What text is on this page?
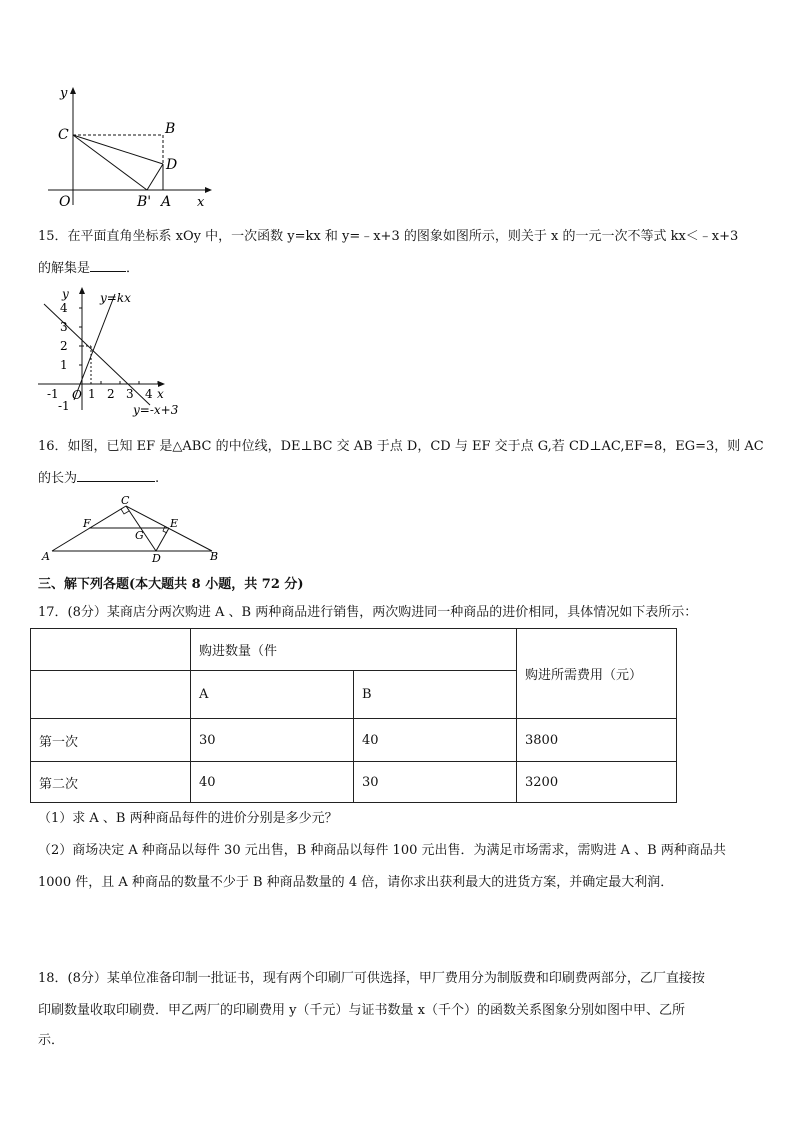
y
C	B
D
O	B' A x
15．在平面直角坐标系 xOy 中，一次函数 y=kx 和 y=﹣x+3 的图象如图所示，则关于 x 的一元一次不等式 kx＜﹣x+3
的解集是	．
y	y=kx
4
3
2
1
-1
-1 O 1 2 3 4 x
y=-x+3
16．如图，已知 EF 是△ABC 的中位线，DE⊥BC 交 AB 于点 D，CD 与 EF 交于点 G,若 CD⊥AC,EF=8，EG=3，则 AC
的长为	.
C
F	E
G
A	D	B
三、解下列各题(本大题共 8 小题，共 72 分)
17．(8分）某商店分两次购进 A 、B 两种商品进行销售，两次购进同一种商品的进价相同，具体情况如下表所示：
	购进数量（件		购进所需费用（元）
	A	B	
第一次	30	40	3800
第二次	40	30	3200
（1）求 A 、B 两种商品每件的进价分别是多少元？
（2）商场决定 A 种商品以每件 30 元出售，B 种商品以每件 100 元出售．为满足市场需求，需购进 A 、B 两种商品共
1000 件，且 A 种商品的数量不少于 B 种商品数量的 4 倍，请你求出获利最大的进货方案，并确定最大利润．
18．(8分）某单位准备印制一批证书，现有两个印刷厂可供选择，甲厂费用分为制版费和印刷费两部分，乙厂直接按
印刷数量收取印刷费．甲乙两厂的印刷费用 y（千元）与证书数量 x（千个）的函数关系图象分别如图中甲、乙所
示．
